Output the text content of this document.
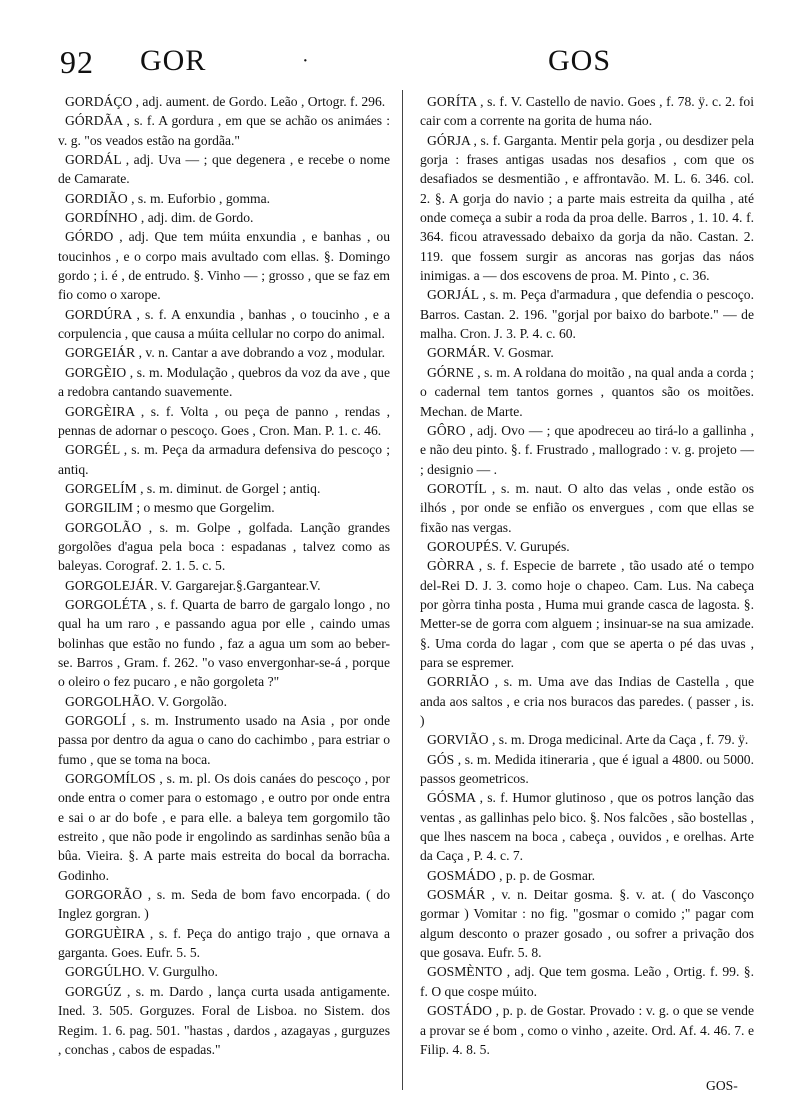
92 GOR	·	GOS

GORDÁÇO , adj. aument. de Gordo. Leão , Ortogr. f. 296.

GÓRDÃA , s. f. A gordura , em que se achão os animáes : v. g. "os veados estão na gordãa."

GORDÁL , adj. Uva — ; que degenera , e recebe o nome de Camarate.

GORDIÃO , s. m. Euforbio , gomma.

GORDÍNHO , adj. dim. de Gordo.

GÓRDO , adj. Que tem múita enxundia , e banhas , ou toucinhos , e o corpo mais avultado com ellas. §. Domingo gordo ; i. é , de entrudo. §. Vinho — ; grosso , que se faz em fio como o xarope.

GORDÚRA , s. f. A enxundia , banhas , o toucinho , e a corpulencia , que causa a múita cellular no corpo do animal.

GORGEIÁR , v. n. Cantar a ave dobrando a voz , modular.

GORGÈIO , s. m. Modulação , quebros da voz da ave , que a redobra cantando suavemente.

GORGÈIRA , s. f. Volta , ou peça de panno , rendas , pennas de adornar o pescoço. Goes , Cron. Man. P. 1. c. 46.

GORGÉL , s. m. Peça da armadura defensiva do pescoço ; antiq.

GORGELÍM , s. m. diminut. de Gorgel ; antiq.

GORGILIM ; o mesmo que Gorgelim.

GORGOLÃO , s. m. Golpe , golfada. Lanção grandes gorgolões d'agua pela boca : espadanas , talvez como as baleyas. Corograf. 2. 1. 5. c. 5.

GORGOLEJÁR. V. Gargarejar.§.Gargantear.V.

GORGOLÉTA , s. f. Quarta de barro de gargalo longo , no qual ha um raro , e passando agua por elle , caindo umas bolinhas que estão no fundo , faz a agua um som ao beber-se. Barros , Gram. f. 262. "o vaso envergonhar-se-á , porque o oleiro o fez pucaro , e não gorgoleta ?"

GORGOLHÃO. V. Gorgolão.

GORGOLÍ , s. m. Instrumento usado na Asia , por onde passa por dentro da agua o cano do cachimbo , para estriar o fumo , que se toma na boca.

GORGOMÍLOS , s. m. pl. Os dois canáes do pescoço , por onde entra o comer para o estomago , e outro por onde entra e sai o ar do bofe , e para elle. a baleya tem gorgomilo tão estreito , que não pode ir engolindo as sardinhas senão bûa a bûa. Vieira. §. A parte mais estreita do bocal da borracha. Godinho.

GORGORÃO , s. m. Seda de bom favo encorpada. ( do Inglez gorgran. )

GORGUÈIRA , s. f. Peça do antigo trajo , que ornava a garganta. Goes. Eufr. 5. 5.

GORGÚLHO. V. Gurgulho.

GORGÚZ , s. m. Dardo , lança curta usada antigamente. Ined. 3. 505. Gorguzes. Foral de Lisboa. no Sistem. dos Regim. 1. 6. pag. 501. "hastas , dardos , azagayas , gurguzes , conchas , cabos de espadas."

GORÍTA , s. f. V. Castello de navio. Goes , f. 78. ÿ. c. 2. foi cair com a corrente na gorita de huma náo.

GÓRJA , s. f. Garganta. Mentir pela gorja , ou desdizer pela gorja : frases antigas usadas nos desafios , com que os desafiados se desmentião , e affrontavão. M. L. 6. 346. col. 2. §. A gorja do navio ; a parte mais estreita da quilha , até onde começa a subir a roda da proa delle. Barros , 1. 10. 4. f. 364. ficou atravessado debaixo da gorja da não. Castan. 2. 119. que fossem surgir as ancoras nas gorjas das náos inimigas. a — dos escovens de proa. M. Pinto , c. 36.

GORJÁL , s. m. Peça d'armadura , que defendia o pescoço. Barros. Castan. 2. 196. "gorjal por baixo do barbote." — de malha. Cron. J. 3. P. 4. c. 60.

GORMÁR. V. Gosmar.

GÓRNE , s. m. A roldana do moitão , na qual anda a corda ; o cadernal tem tantos gornes , quantos são os moitões. Mechan. de Marte.

GÔRO , adj. Ovo — ; que apodreceu ao tirá-lo a gallinha , e não deu pinto. §. f. Frustrado , mallogrado : v. g. projeto — ; designio — .

GOROTÍL , s. m. naut. O alto das velas , onde estão os ilhós , por onde se enfião os envergues , com que ellas se fixão nas vergas.

GOROUPÉS. V. Gurupés.

GÒRRA , s. f. Especie de barrete , tão usado até o tempo del-Rei D. J. 3. como hoje o chapeo. Cam. Lus. Na cabeça por gòrra tinha posta , Huma mui grande casca de lagosta. §. Metter-se de gorra com alguem ; insinuar-se na sua amizade. §. Uma corda do lagar , com que se aperta o pé das uvas , para se espremer.

GORRIÃO , s. m. Uma ave das Indias de Castella , que anda aos saltos , e cria nos buracos das paredes. ( passer , is. )

GORVIÃO , s. m. Droga medicinal. Arte da Caça , f. 79. ÿ.

GÓS , s. m. Medida itineraria , que é igual a 4800. ou 5000. passos geometricos.

GÓSMA , s. f. Humor glutinoso , que os potros lanção das ventas , as gallinhas pelo bico. §. Nos falcões , são bostellas , que lhes nascem na boca , cabeça , ouvidos , e orelhas. Arte da Caça , P. 4. c. 7.

GOSMÁDO , p. p. de Gosmar.

GOSMÁR , v. n. Deitar gosma. §. v. at. ( do Vasconço gormar ) Vomitar : no fig. "gosmar o comido ;" pagar com algum desconto o prazer gosado , ou sofrer a privação dos que gosava. Eufr. 5. 8.

GOSMÈNTO , adj. Que tem gosma. Leão , Ortig. f. 99. §. f. O que cospe múito.

GOSTÁDO , p. p. de Gostar. Provado : v. g. o que se vende a provar se é bom , como o vinho , azeite. Ord. Af. 4. 46. 7. e Filip. 4. 8. 5.

GOS-
